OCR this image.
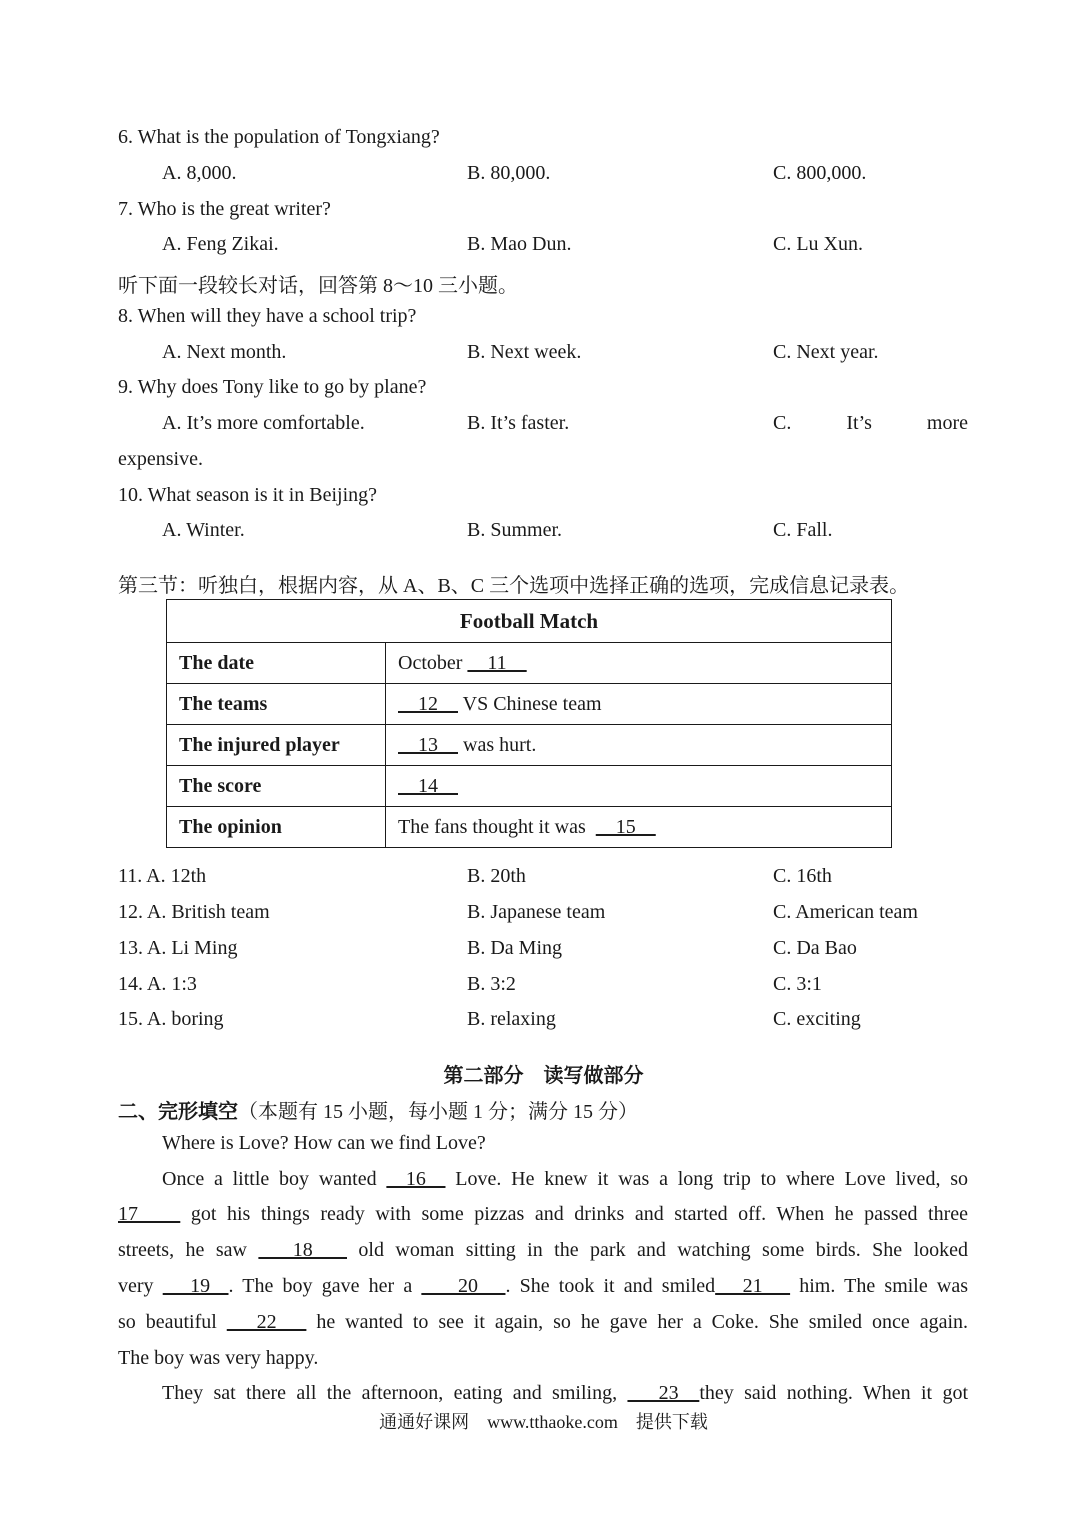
6. What is the population of Tongxiang?
A. 8,000.	B. 80,000.	C. 800,000.
7. Who is the great writer?
A. Feng Zikai.	B. Mao Dun.	C. Lu Xun.
听下面一段较长对话，回答第 8～10 三小题。
8. When will they have a school trip?
A. Next month.	B. Next week.	C. Next year.
9. Why does Tony like to go by plane?
A. It’s more comfortable.	B. It’s faster.	C.	It’s	more
expensive.
10. What season is it in Beijing?
A. Winter.	B. Summer.	C. Fall.
第三节：听独白，根据内容，从 A、B、C 三个选项中选择正确的选项，完成信息记录表。
Football Match	
The date	October     11
The teams	12     VS Chinese team
The injured player	13     was hurt.
The score	14
The opinion	The fans thought it was      15
11. A. 12th	B. 20th	C. 16th
12. A. British team	B. Japanese team	C. American team
13. A. Li Ming	B. Da Ming	C. Da Bao
14. A. 1:3	B. 3:2	C. 3:1
15. A. boring	B. relaxing	C. exciting
第二部分　读写做部分
二、完形填空（本题有 15 小题，每小题 1 分；满分 15 分）
Where is Love? How can we find Love?
Once a little boy wanted   16   Love. He knew it was a long trip to where Love lived, so
17     got his things ready with some pizzas and drinks and started off. When he passed three
streets, he saw    18    old woman sitting in the park and watching some birds. She looked
very    19  . The boy gave her a     20   . She took it and smiled   21    him. The smile was
so beautiful    22    he wanted to see it again, so he gave her a Coke. She smiled once again.
The boy was very happy.
They sat there all the afternoon, eating and smiling,    23  they said nothing. When it got
通通好课网　www.tthaoke.com　提供下载
